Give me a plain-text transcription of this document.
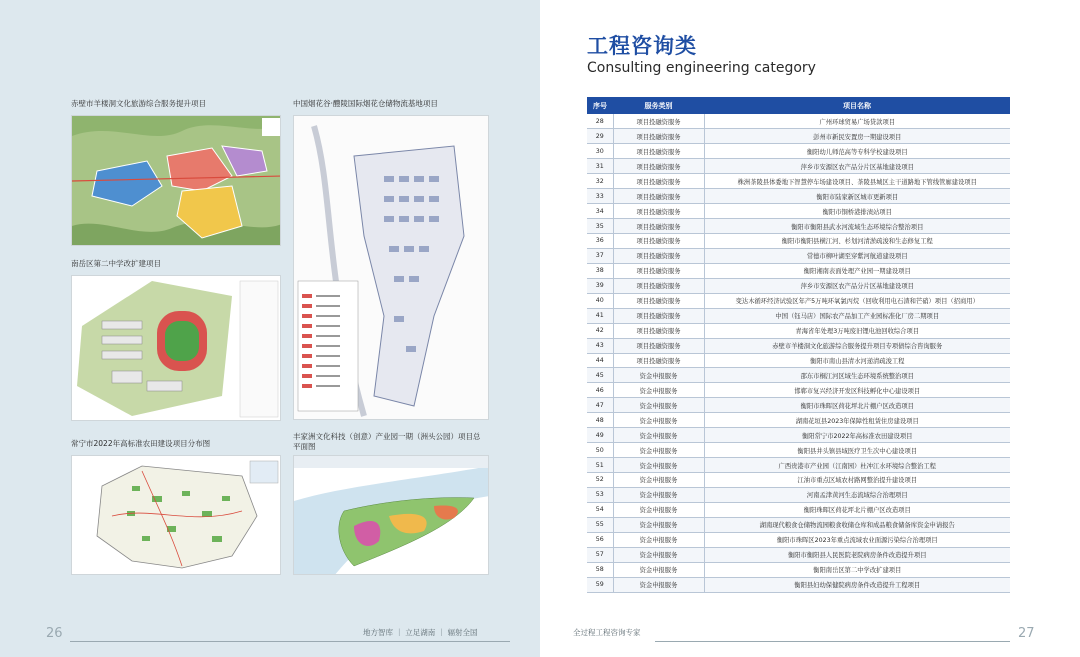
赤壁市羊楼洞文化旅游综合服务提升项目	中国烟花谷·醴陵国际烟花仓储物流基地项目
南岳区第二中学改扩建项目
常宁市2022年高标准农田建设项目分布图
丰家洲文化科技（创意）产业园一期（洲头公园）项目总平面图
26	地方智库 ｜ 立足湖南 ｜ 辐射全国
工程咨询类
Consulting engineering category
序号	服务类别	项目名称
28	项目投融资服务	广州环球贸易广场贷款项目
29	项目投融资服务	彭州市新民安置房一期建设项目
30	项目投融资服务	衡阳幼儿师范高等专科学校建设项目
31	项目投融资服务	萍乡市安源区农产品分片区基地建设项目
32	项目投融资服务	株洲茶陵县体委地下智慧停车场建设项目、茶陵县城区主干道路地下管线管廊建设项目
33	项目投融资服务	衡阳市陆家新区城市更新项目
34	项目投融资服务	衡阳市铜桥港排渍站项目
35	项目投融资服务	衡阳市衡阳县武水河流域生态环境综合整治项目
36	项目投融资服务	衡阳市衡阳县横江河、杉划河清淤疏浚和生态修复工程
37	项目投融资服务	常德市柳叶湖至穿紫河航道建设项目
38	项目投融资服务	衡阳湘南表面处理产业园一期建设项目
39	项目投融资服务	萍乡市安源区农产品分片区基地建设项目
40	项目投融资服务	变达木循环经济试验区年产5万吨环氧氯丙烷（回收利用电石渣和芒硝）项目（招商用）
41	项目投融资服务	中国（钰马店）国际农产品加工产业园标准化厂房二期项目
42	项目投融资服务	青海省年处理3万吨废旧锂电池回收综合项目
43	项目投融资服务	赤壁市羊楼洞文化旅游综合服务提升项目专项债综合咨询服务
44	项目投融资服务	衡阳市南山县清水河递清疏浚工程
45	资金申报服务	邵东市桐江河区域生态环境系统整治项目
46	资金申报服务	邯郸市复兴经济开发区科技孵化中心建设项目
47	资金申报服务	衡阳市珠晖区荷花坪北片棚户区改造项目
48	资金申报服务	湖南花垣县2023年保障性租赁住房建设项目
49	资金申报服务	衡阳常宁市2022年高标准农田建设项目
50	资金申报服务	衡阳县井头镇县域医疗卫生次中心建设项目
51	资金申报服务	广西贵港市产业园（江南园）杜冲江水环境综合整治工程
52	资金申报服务	江油市重点区域农村路网整治提升建设项目
53	资金申报服务	河南孟津黄河生态流域综合治理项目
54	资金申报服务	衡阳珠晖区荷花坪北片棚户区改造项目
55	资金申报服务	湖南现代粮食仓储物流园粮食收储仓库和成品粮食储备库资金申请报告
56	资金申报服务	衡阳市珠晖区2023年重点流域农业面源污染综合治理项目
57	资金申报服务	衡阳市衡阳县人民医院老院病房条件改造提升项目
58	资金申报服务	衡阳南岳区第二中学改扩建项目
59	资金申报服务	衡阳县妇幼保健院病房条件改造提升工程项目
全过程工程咨询专家	27
